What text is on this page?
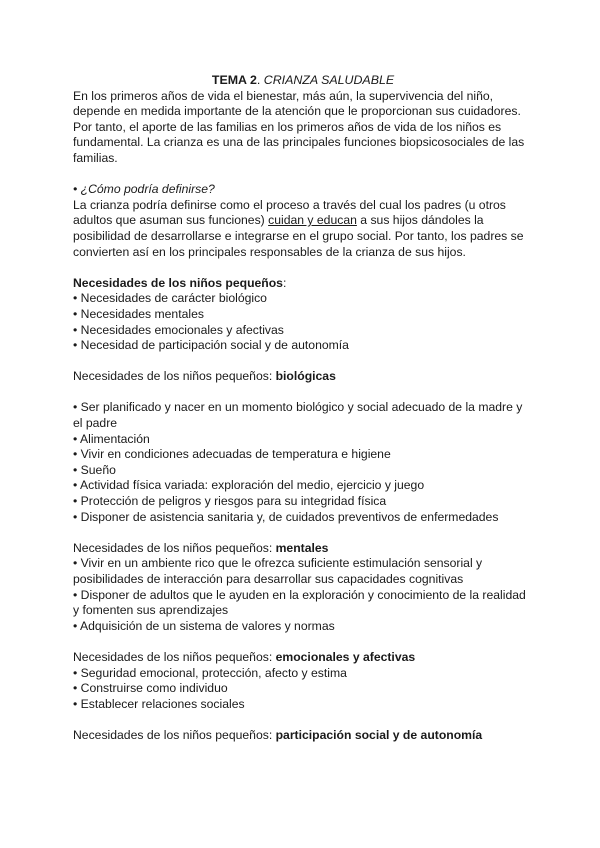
TEMA 2. CRIANZA SALUDABLE

En los primeros años de vida el bienestar, más aún, la supervivencia del niño, depende en medida importante de la atención que le proporcionan sus cuidadores. Por tanto, el aporte de las familias en los primeros años de vida de los niños es fundamental. La crianza es una de las principales funciones biopsicosociales de las familias.

• ¿Cómo podría definirse?

La crianza podría definirse como el proceso a través del cual los padres (u otros adultos que asuman sus funciones) cuidan y educan a sus hijos dándoles la posibilidad de desarrollarse e integrarse en el grupo social. Por tanto, los padres se convierten así en los principales responsables de la crianza de sus hijos.

Necesidades de los niños pequeños:

• Necesidades de carácter biológico
• Necesidades mentales
• Necesidades emocionales y afectivas
• Necesidad de participación social y de autonomía

Necesidades de los niños pequeños: biológicas

• Ser planificado y nacer en un momento biológico y social adecuado de la madre y el padre
• Alimentación
• Vivir en condiciones adecuadas de temperatura e higiene
• Sueño
• Actividad física variada: exploración del medio, ejercicio y juego
• Protección de peligros y riesgos para su integridad física
• Disponer de asistencia sanitaria y, de cuidados preventivos de enfermedades

Necesidades de los niños pequeños: mentales

• Vivir en un ambiente rico que le ofrezca suficiente estimulación sensorial y posibilidades de interacción para desarrollar sus capacidades cognitivas
• Disponer de adultos que le ayuden en la exploración y conocimiento de la realidad y fomenten sus aprendizajes
• Adquisición de un sistema de valores y normas

Necesidades de los niños pequeños: emocionales y afectivas

• Seguridad emocional, protección, afecto y estima
• Construirse como individuo
• Establecer relaciones sociales

Necesidades de los niños pequeños: participación social y de autonomía
